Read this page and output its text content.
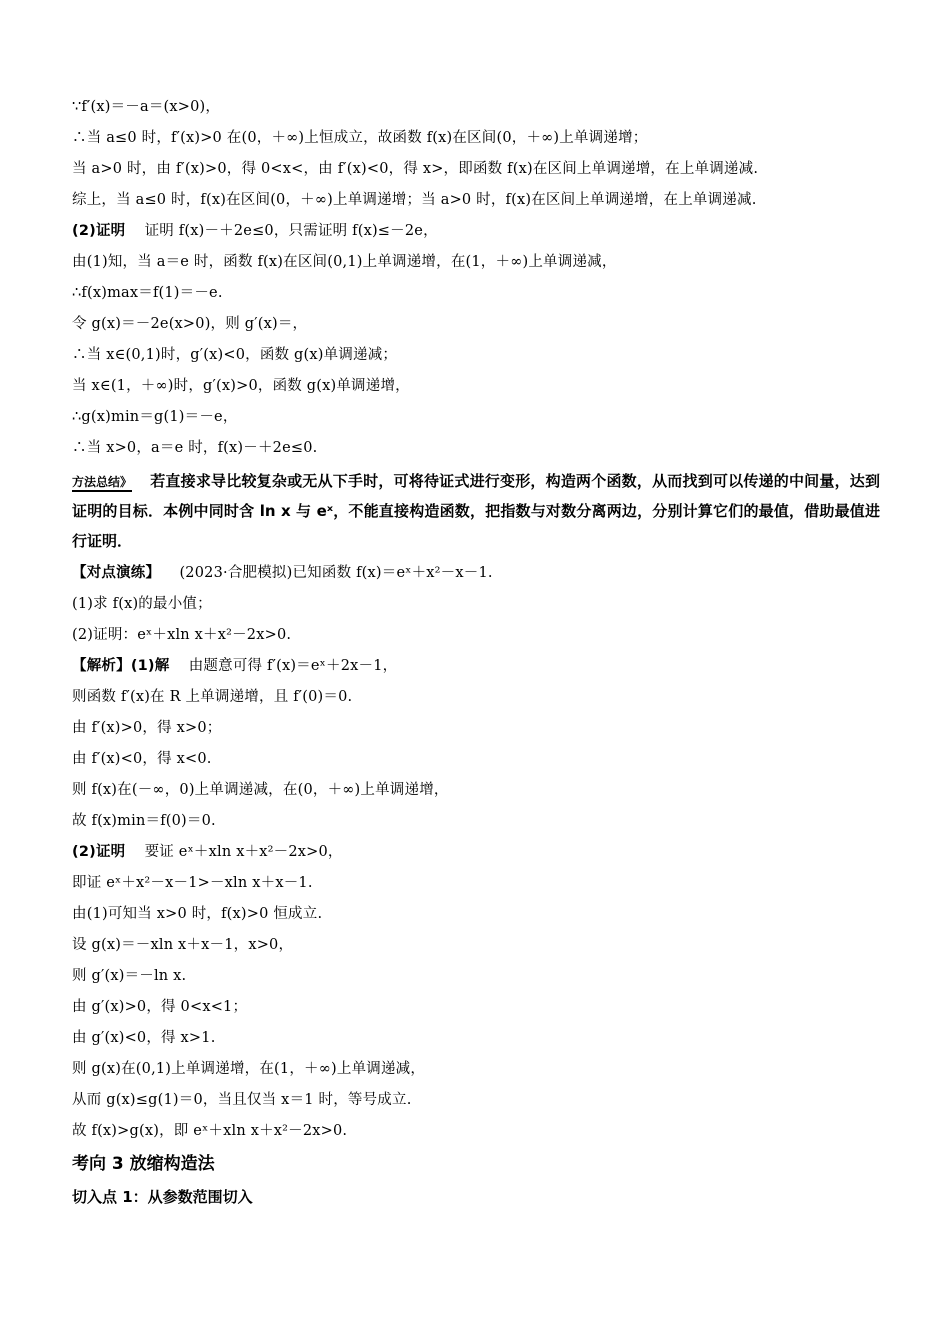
∵f′(x)＝－a＝(x>0)，
∴当 a≤0 时，f′(x)>0 在(0，＋∞)上恒成立，故函数 f(x)在区间(0，＋∞)上单调递增；
当 a>0 时，由 f′(x)>0，得 0<x<，由 f′(x)<0，得 x>，即函数 f(x)在区间上单调递增，在上单调递减.
综上，当 a≤0 时，f(x)在区间(0，＋∞)上单调递增；当 a>0 时，f(x)在区间上单调递增，在上单调递减.
(2)证明 证明 f(x)－＋2e≤0，只需证明 f(x)≤－2e，
由(1)知，当 a＝e 时，函数 f(x)在区间(0,1)上单调递增，在(1，＋∞)上单调递减，
∴f(x)max＝f(1)＝－e.
令 g(x)＝－2e(x>0)，则 g′(x)＝，
∴当 x∈(0,1)时，g′(x)<0，函数 g(x)单调递减；
当 x∈(1，＋∞)时，g′(x)>0，函数 g(x)单调递增，
∴g(x)min＝g(1)＝－e，
∴当 x>0，a＝e 时，f(x)－＋2e≤0.
方法总结》 若直接求导比较复杂或无从下手时，可将待证式进行变形，构造两个函数，从而找到可以传递的中间量，达到证明的目标．本例中同时含 ln x 与 eˣ，不能直接构造函数，把指数与对数分离两边，分别计算它们的最值，借助最值进行证明．
【对点演练】 (2023·合肥模拟)已知函数 f(x)＝eˣ＋x²－x－1.
(1)求 f(x)的最小值；
(2)证明：eˣ＋xln x＋x²－2x>0.
【解析】(1)解 由题意可得 f′(x)＝eˣ＋2x－1，
则函数 f′(x)在 R 上单调递增，且 f′(0)＝0.
由 f′(x)>0，得 x>0；
由 f′(x)<0，得 x<0.
则 f(x)在(－∞，0)上单调递减，在(0，＋∞)上单调递增，
故 f(x)min＝f(0)＝0.
(2)证明 要证 eˣ＋xln x＋x²－2x>0，
即证 eˣ＋x²－x－1>－xln x＋x－1.
由(1)可知当 x>0 时，f(x)>0 恒成立.
设 g(x)＝－xln x＋x－1，x>0，
则 g′(x)＝－ln x.
由 g′(x)>0，得 0<x<1；
由 g′(x)<0，得 x>1.
则 g(x)在(0,1)上单调递增，在(1，＋∞)上单调递减，
从而 g(x)≤g(1)＝0，当且仅当 x＝1 时，等号成立.
故 f(x)>g(x)，即 eˣ＋xln x＋x²－2x>0.
考向 3 放缩构造法
切入点 1：从参数范围切入
